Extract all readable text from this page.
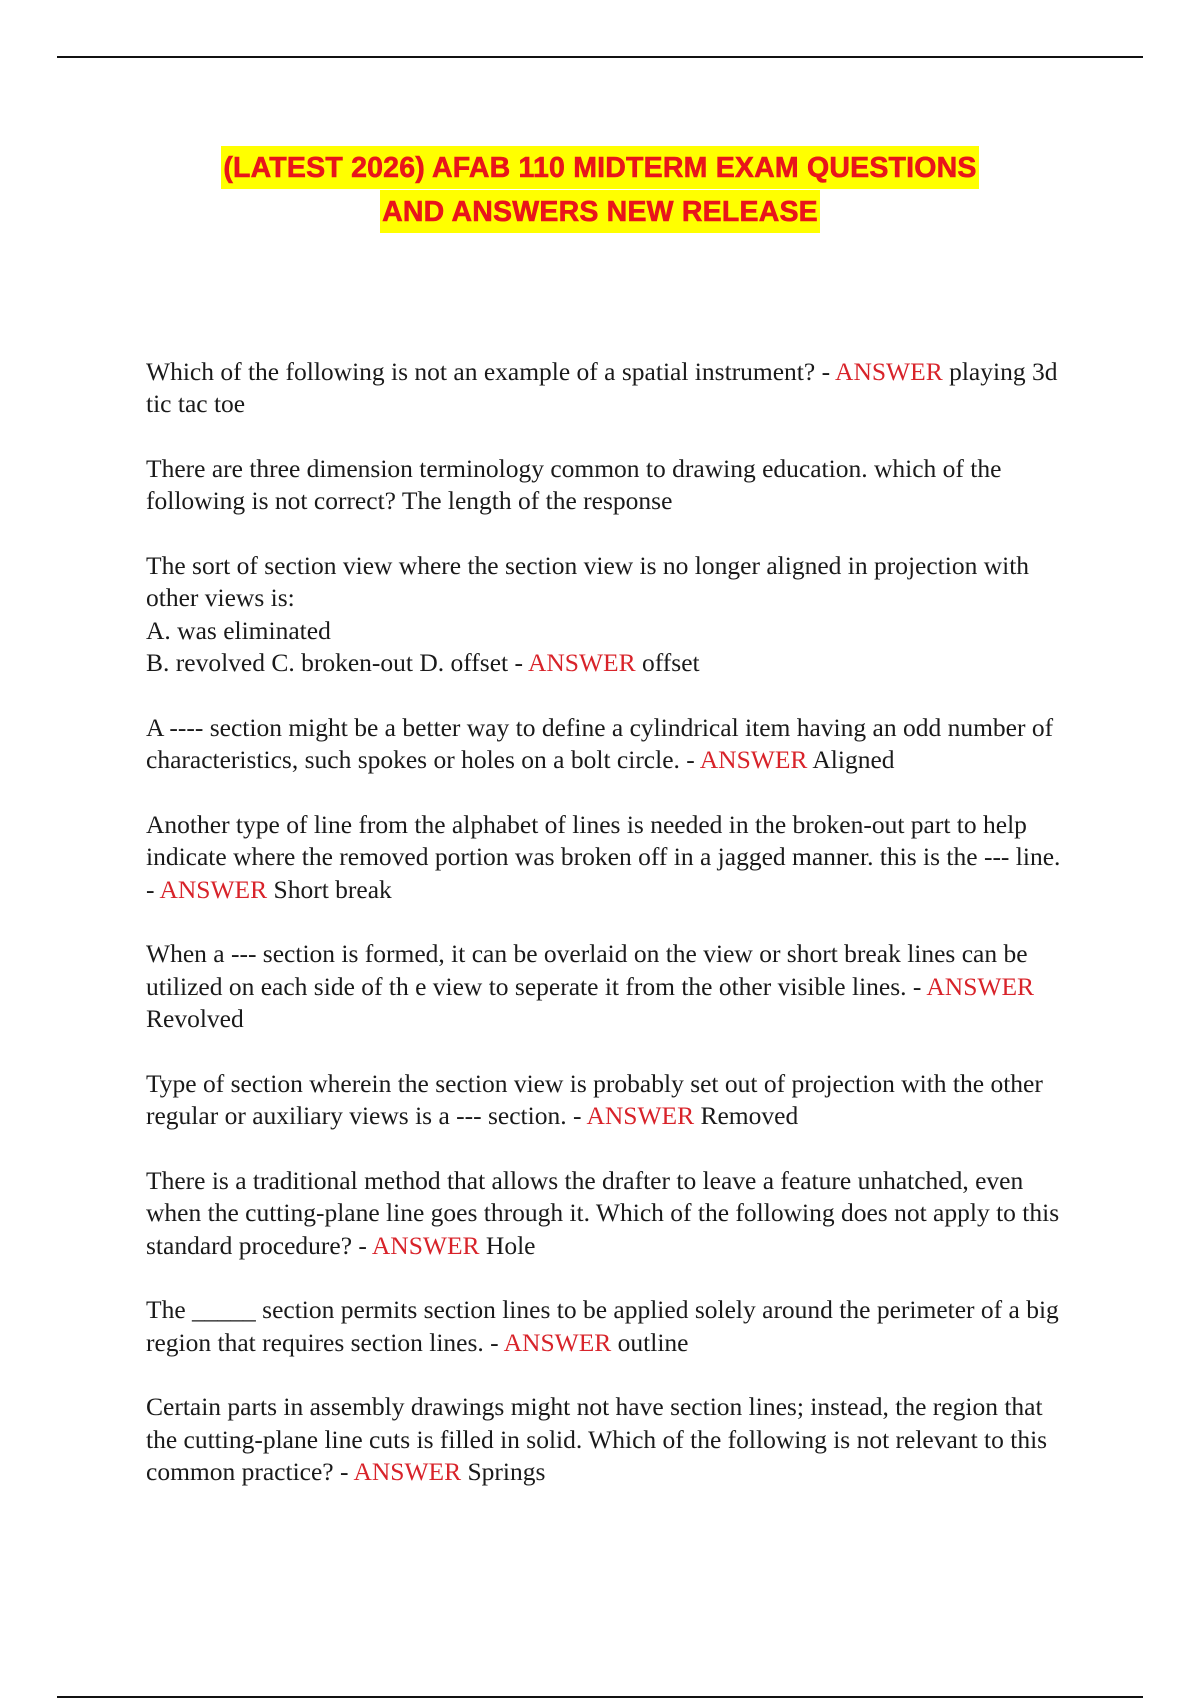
(LATEST 2026) AFAB 110 MIDTERM EXAM QUESTIONS
AND ANSWERS NEW RELEASE

Which of the following is not an example of a spatial instrument? - ANSWER playing 3d tic tac toe

There are three dimension terminology common to drawing education. which of the following is not correct? The length of the response

The sort of section view where the section view is no longer aligned in projection with other views is:
A. was eliminated
B. revolved C. broken-out D. offset - ANSWER offset

A ---- section might be a better way to define a cylindrical item having an odd number of characteristics, such spokes or holes on a bolt circle. - ANSWER Aligned

Another type of line from the alphabet of lines is needed in the broken-out part to help indicate where the removed portion was broken off in a jagged manner. this is the --- line. - ANSWER Short break

When a --- section is formed, it can be overlaid on the view or short break lines can be utilized on each side of th e view to seperate it from the other visible lines. - ANSWER Revolved

Type of section wherein the section view is probably set out of projection with the other regular or auxiliary views is a --- section. - ANSWER Removed

There is a traditional method that allows the drafter to leave a feature unhatched, even when the cutting-plane line goes through it. Which of the following does not apply to this standard procedure? - ANSWER Hole

The _____ section permits section lines to be applied solely around the perimeter of a big region that requires section lines. - ANSWER outline

Certain parts in assembly drawings might not have section lines; instead, the region that the cutting-plane line cuts is filled in solid. Which of the following is not relevant to this common practice? - ANSWER Springs
